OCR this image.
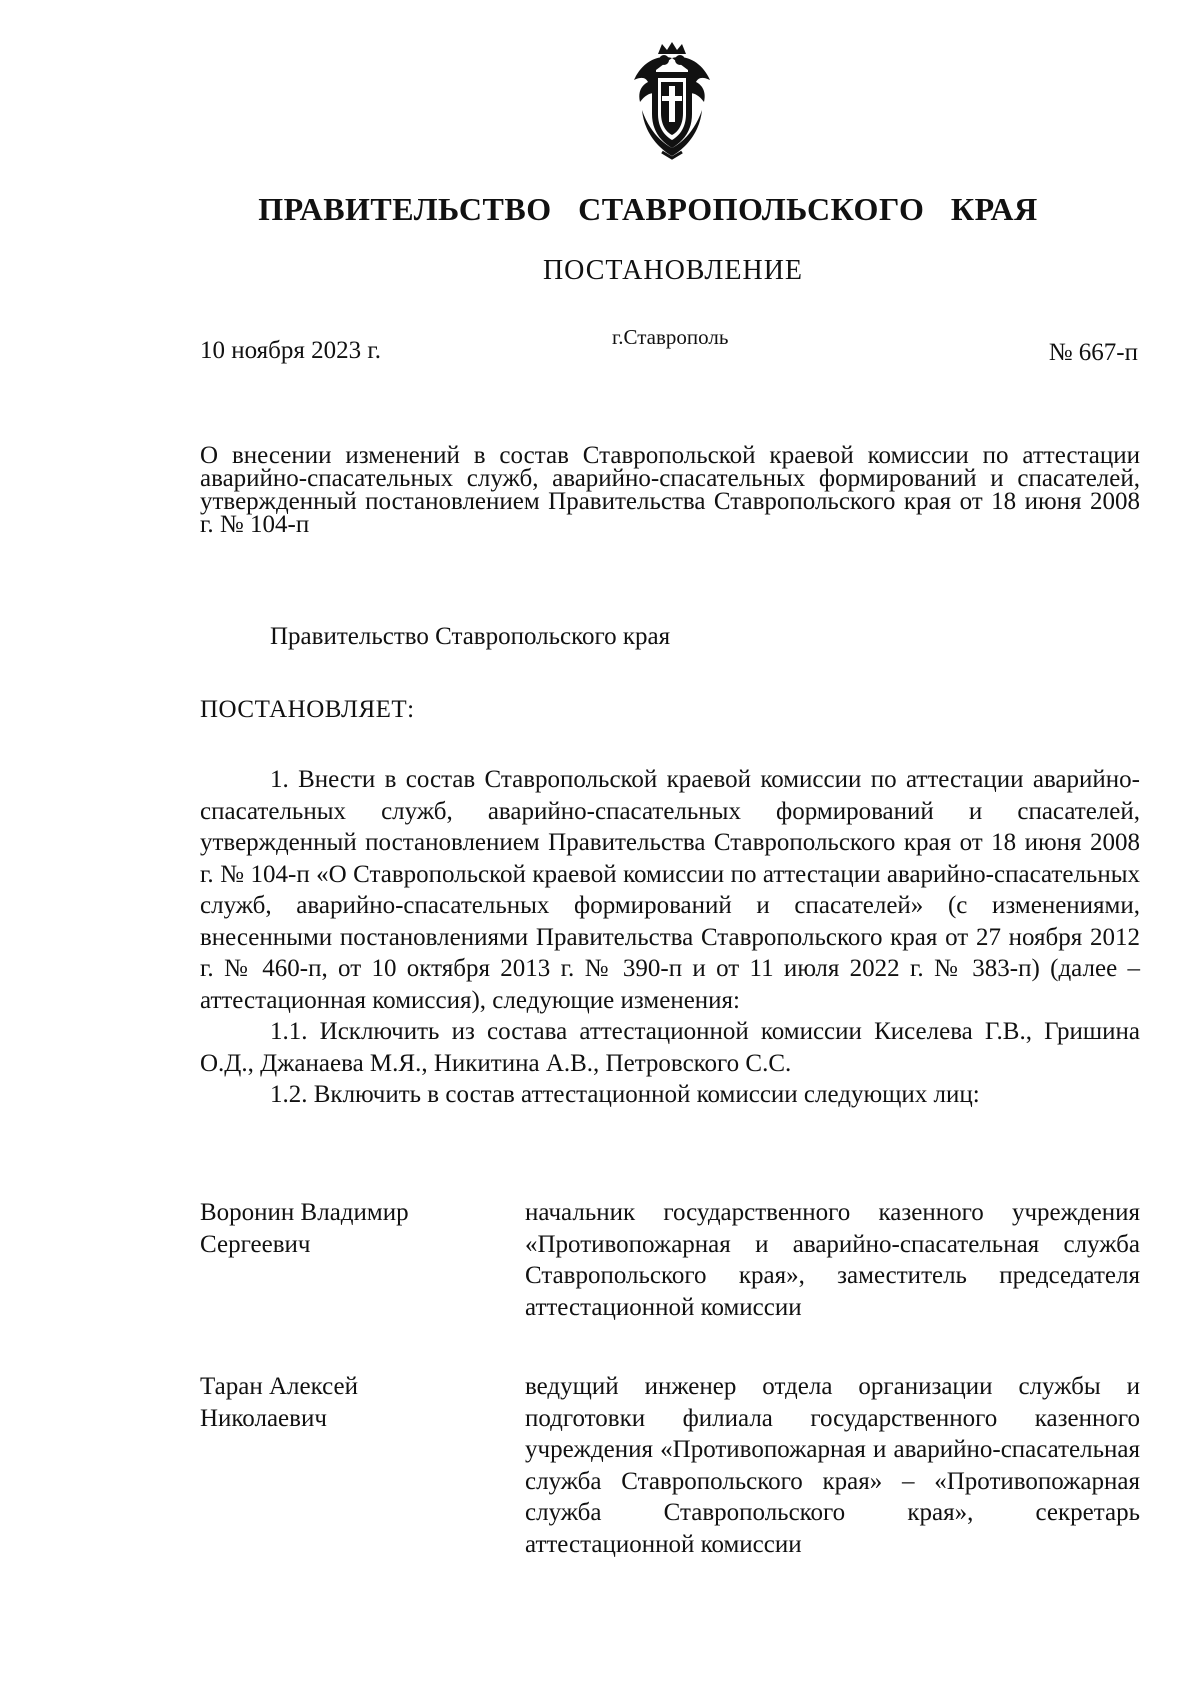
ПРАВИТЕЛЬСТВО СТАВРОПОЛЬСКОГО КРАЯ
ПОСТАНОВЛЕНИЕ
10 ноября 2023 г.	г.Ставрополь
№ 667-п
О внесении изменений в состав Ставропольской краевой комиссии по аттестации аварийно-спасательных служб, аварийно-спасательных формирований и спасателей, утвержденный постановлением Правительства Ставропольского края от 18 июня 2008 г. № 104-п
Правительство Ставропольского края
ПОСТАНОВЛЯЕТ:

1. Внести в состав Ставропольской краевой комиссии по аттестации аварийно-спасательных служб, аварийно-спасательных формирований и спасателей, утвержденный постановлением Правительства Ставропольского края от 18 июня 2008 г. № 104-п «О Ставропольской краевой комиссии по аттестации аварийно-спасательных служб, аварийно-спасательных формирований и спасателей» (с изменениями, внесенными постановлениями Правительства Ставропольского края от 27 ноября 2012 г. № 460-п, от 10 октября 2013 г. № 390-п и от 11 июля 2022 г. № 383-п) (далее – аттестационная комиссия), следующие изменения:

1.1. Исключить из состава аттестационной комиссии Киселева Г.В., Гришина О.Д., Джанаева М.Я., Никитина А.В., Петровского С.С.

1.2. Включить в состав аттестационной комиссии следующих лиц:

Воронин Владимир
Сергеевич
начальник государственного казенного учреждения «Противопожарная и аварийно-спасательная служба Ставропольского края», заместитель председателя аттестационной комиссии
Таран Алексей
Николаевич
ведущий инженер отдела организации службы и подготовки филиала государственного казенного учреждения «Противопожарная и аварийно-спасательная служба Ставропольского края» – «Противопожарная служба Ставропольского края», секретарь аттестационной комиссии
